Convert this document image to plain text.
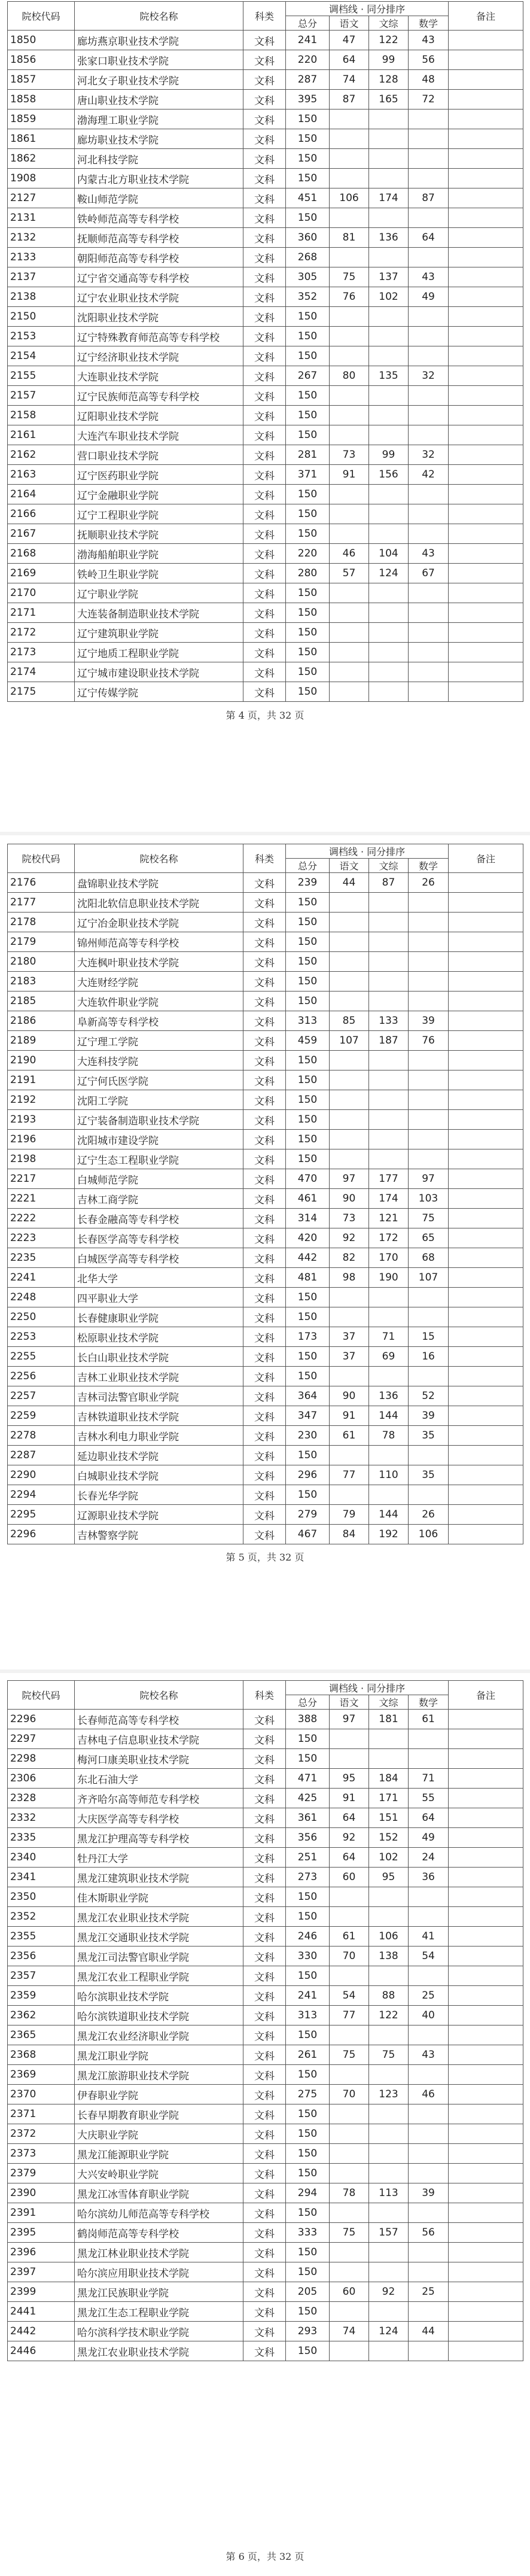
院校代码	院校名称	科类	调档线 · 同分排序				备注
			总分	语文	文综	数学	
1850	廊坊燕京职业技术学院	文科	241	47	122	43	
1856	张家口职业技术学院	文科	220	64	99	56	
1857	河北女子职业技术学院	文科	287	74	128	48	
1858	唐山职业技术学院	文科	395	87	165	72	
1859	渤海理工职业学院	文科	150				
1861	廊坊职业技术学院	文科	150				
1862	河北科技学院	文科	150				
1908	内蒙古北方职业技术学院	文科	150				
2127	鞍山师范学院	文科	451	106	174	87	
2131	铁岭师范高等专科学校	文科	150				
2132	抚顺师范高等专科学校	文科	360	81	136	64	
2133	朝阳师范高等专科学校	文科	268				
2137	辽宁省交通高等专科学校	文科	305	75	137	43	
2138	辽宁农业职业技术学院	文科	352	76	102	49	
2150	沈阳职业技术学院	文科	150				
2153	辽宁特殊教育师范高等专科学校	文科	150				
2154	辽宁经济职业技术学院	文科	150				
2155	大连职业技术学院	文科	267	80	135	32	
2157	辽宁民族师范高等专科学校	文科	150				
2158	辽阳职业技术学院	文科	150				
2161	大连汽车职业技术学院	文科	150				
2162	营口职业技术学院	文科	281	73	99	32	
2163	辽宁医药职业学院	文科	371	91	156	42	
2164	辽宁金融职业学院	文科	150				
2166	辽宁工程职业学院	文科	150				
2167	抚顺职业技术学院	文科	150				
2168	渤海船舶职业学院	文科	220	46	104	43	
2169	铁岭卫生职业学院	文科	280	57	124	67	
2170	辽宁职业学院	文科	150				
2171	大连装备制造职业技术学院	文科	150				
2172	辽宁建筑职业学院	文科	150				
2173	辽宁地质工程职业学院	文科	150				
2174	辽宁城市建设职业技术学院	文科	150				
2175	辽宁传媒学院	文科	150				
第 4 页，共 32 页
院校代码	院校名称	科类	调档线 · 同分排序				备注
			总分	语文	文综	数学	
2176	盘锦职业技术学院	文科	239	44	87	26	
2177	沈阳北软信息职业技术学院	文科	150				
2178	辽宁冶金职业技术学院	文科	150				
2179	锦州师范高等专科学校	文科	150				
2180	大连枫叶职业技术学院	文科	150				
2183	大连财经学院	文科	150				
2185	大连软件职业学院	文科	150				
2186	阜新高等专科学校	文科	313	85	133	39	
2189	辽宁理工学院	文科	459	107	187	76	
2190	大连科技学院	文科	150				
2191	辽宁何氏医学院	文科	150				
2192	沈阳工学院	文科	150				
2193	辽宁装备制造职业技术学院	文科	150				
2196	沈阳城市建设学院	文科	150				
2198	辽宁生态工程职业学院	文科	150				
2217	白城师范学院	文科	470	97	177	97	
2221	吉林工商学院	文科	461	90	174	103	
2222	长春金融高等专科学校	文科	314	73	121	75	
2223	长春医学高等专科学校	文科	420	92	172	65	
2235	白城医学高等专科学校	文科	442	82	170	68	
2241	北华大学	文科	481	98	190	107	
2248	四平职业大学	文科	150				
2250	长春健康职业学院	文科	150				
2253	松原职业技术学院	文科	173	37	71	15	
2255	长白山职业技术学院	文科	150	37	69	16	
2256	吉林工业职业技术学院	文科	150				
2257	吉林司法警官职业学院	文科	364	90	136	52	
2259	吉林铁道职业技术学院	文科	347	91	144	39	
2278	吉林水利电力职业学院	文科	230	61	78	35	
2287	延边职业技术学院	文科	150				
2290	白城职业技术学院	文科	296	77	110	35	
2294	长春光华学院	文科	150				
2295	辽源职业技术学院	文科	279	79	144	26	
2296	吉林警察学院	文科	467	84	192	106	
第 5 页，共 32 页
院校代码	院校名称	科类	调档线 · 同分排序				备注
			总分	语文	文综	数学	
2296	长春师范高等专科学校	文科	388	97	181	61	
2297	吉林电子信息职业技术学院	文科	150				
2298	梅河口康美职业技术学院	文科	150				
2306	东北石油大学	文科	471	95	184	71	
2328	齐齐哈尔高等师范专科学校	文科	425	91	171	55	
2332	大庆医学高等专科学校	文科	361	64	151	64	
2335	黑龙江护理高等专科学校	文科	356	92	152	49	
2340	牡丹江大学	文科	251	64	102	24	
2341	黑龙江建筑职业技术学院	文科	273	60	95	36	
2350	佳木斯职业学院	文科	150				
2352	黑龙江农业职业技术学院	文科	150				
2355	黑龙江交通职业技术学院	文科	246	61	106	41	
2356	黑龙江司法警官职业学院	文科	330	70	138	54	
2357	黑龙江农业工程职业学院	文科	150				
2359	哈尔滨职业技术学院	文科	241	54	88	25	
2362	哈尔滨铁道职业技术学院	文科	313	77	122	40	
2365	黑龙江农业经济职业学院	文科	150				
2368	黑龙江职业学院	文科	261	75	75	43	
2369	黑龙江旅游职业技术学院	文科	150				
2370	伊春职业学院	文科	275	70	123	46	
2371	长春早期教育职业学院	文科	150				
2372	大庆职业学院	文科	150				
2373	黑龙江能源职业学院	文科	150				
2379	大兴安岭职业学院	文科	150				
2390	黑龙江冰雪体育职业学院	文科	294	78	113	39	
2391	哈尔滨幼儿师范高等专科学校	文科	150				
2395	鹤岗师范高等专科学校	文科	333	75	157	56	
2396	黑龙江林业职业技术学院	文科	150				
2397	哈尔滨应用职业技术学院	文科	150				
2399	黑龙江民族职业学院	文科	205	60	92	25	
2441	黑龙江生态工程职业学院	文科	150				
2442	哈尔滨科学技术职业学院	文科	293	74	124	44	
2446	黑龙江农业职业技术学院	文科	150				
第 6 页，共 32 页
